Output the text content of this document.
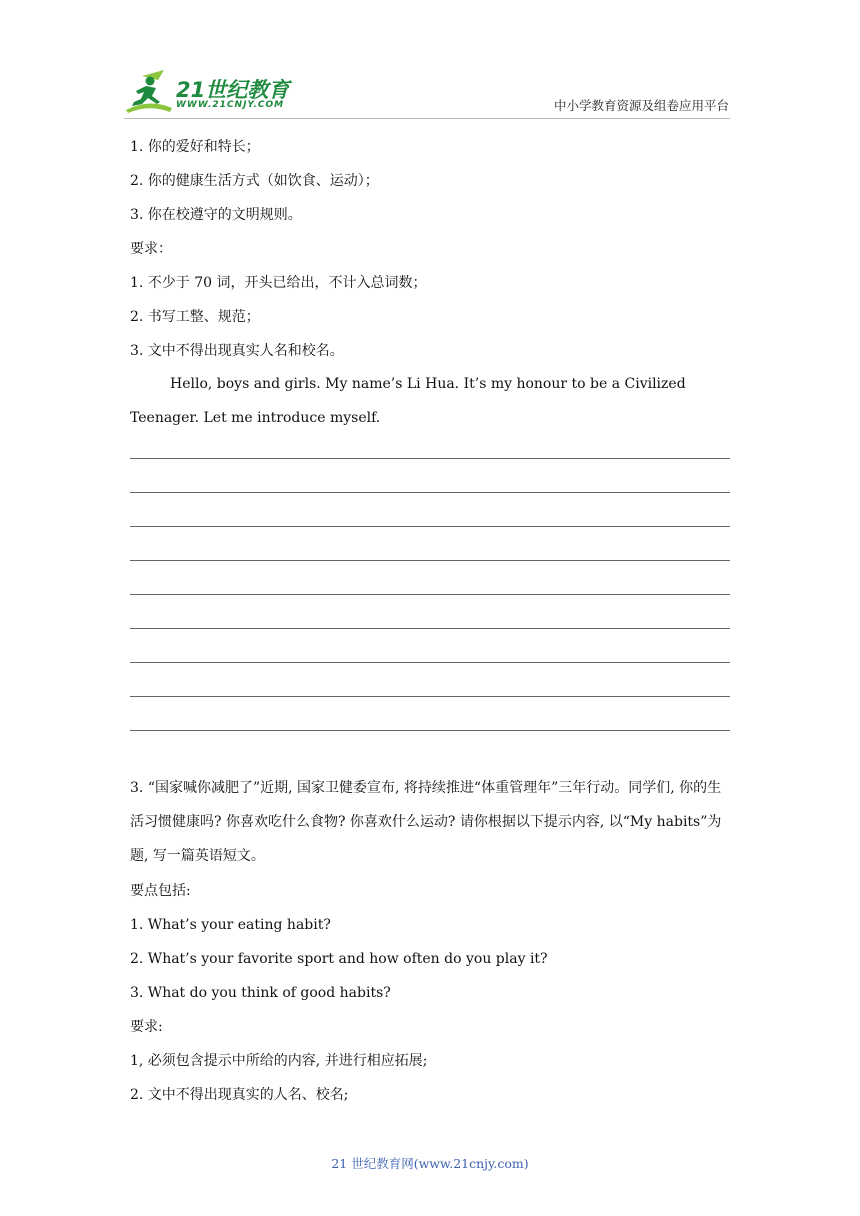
21世纪教育
WWW.21CNJY.COM	中小学教育资源及组卷应用平台
1. 你的爱好和特长；
2. 你的健康生活方式（如饮食、运动）；
3. 你在校遵守的文明规则。
要求：
1. 不少于 70 词，开头已给出，不计入总词数；
2. 书写工整、规范；
3. 文中不得出现真实人名和校名。
Hello, boys and girls. My name’s Li Hua. It’s my honour to be a Civilized Teenager. Let me introduce myself.
3. “国家喊你减肥了”近期, 国家卫健委宣布, 将持续推进“体重管理年”三年行动。同学们, 你的生活习惯健康吗? 你喜欢吃什么食物? 你喜欢什么运动? 请你根据以下提示内容, 以“My habits”为题, 写一篇英语短文。
要点包括:
1. What’s your eating habit?
2. What’s your favorite sport and how often do you play it?
3. What do you think of good habits?
要求:
1, 必须包含提示中所给的内容, 并进行相应拓展;
2. 文中不得出现真实的人名、校名;
21 世纪教育网(www.21cnjy.com)
